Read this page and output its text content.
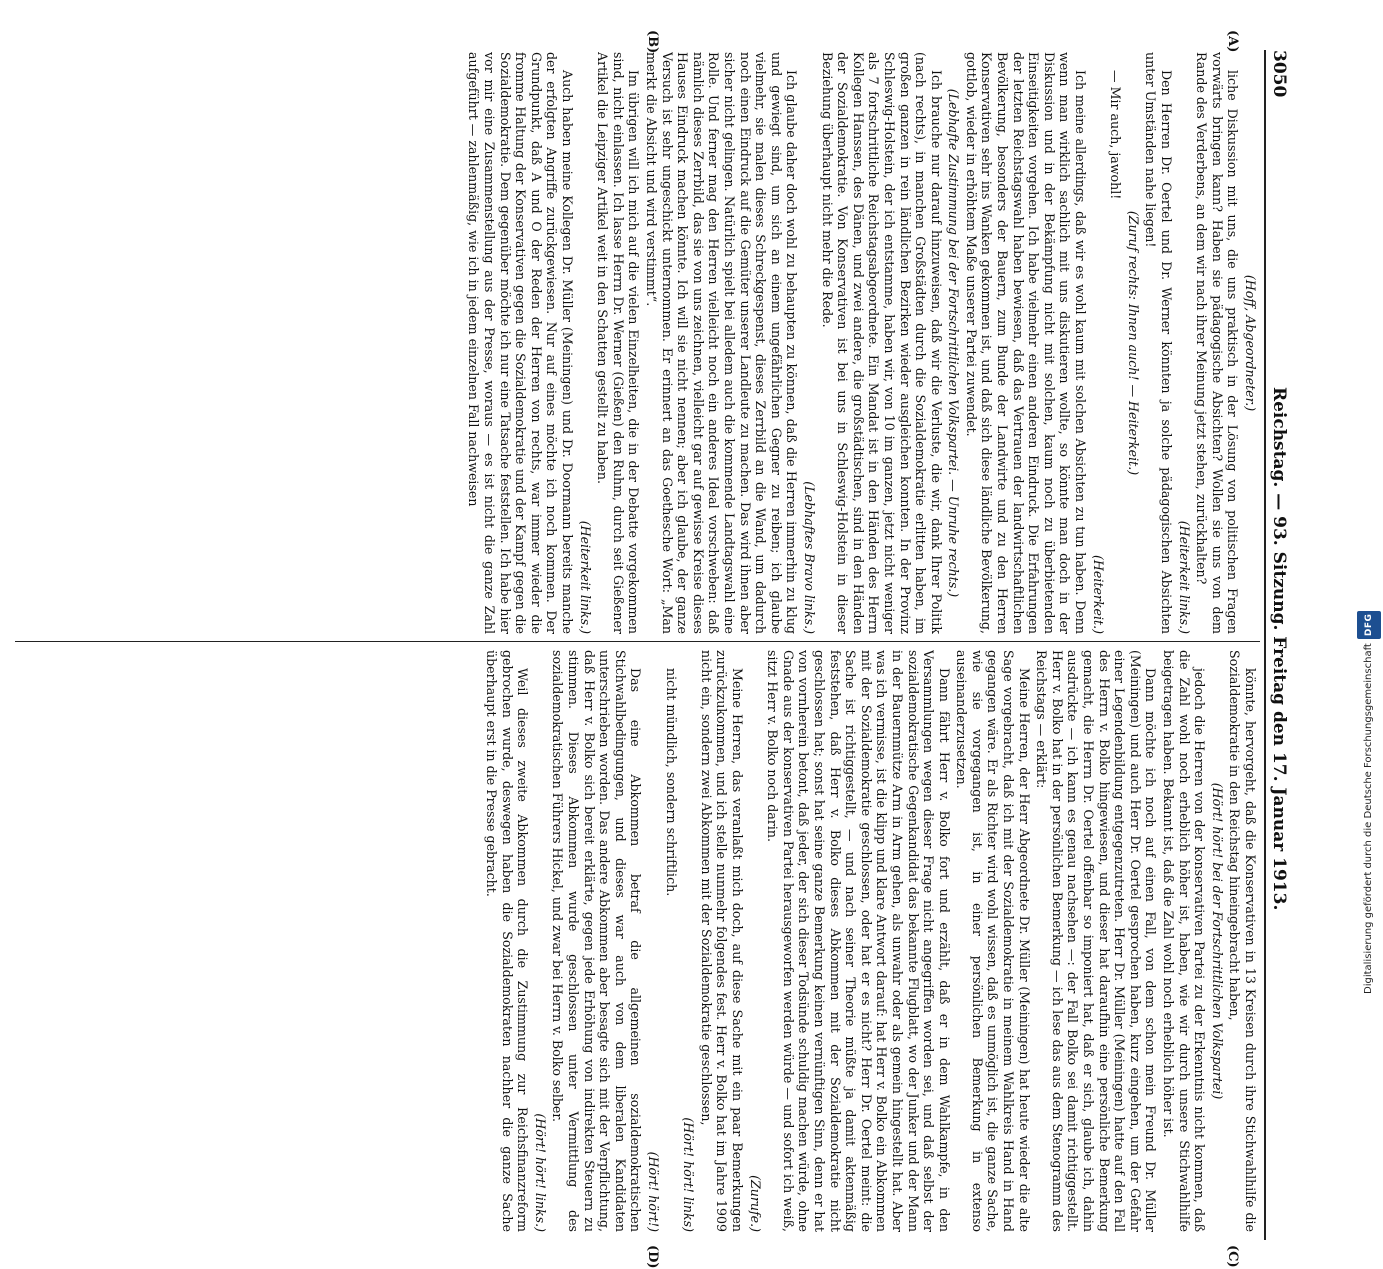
3050
Reichstag. — 93. Sitzung. Freitag den 17. Januar 1913.
(A)
(B)
(C)
(D)

(Hoff, Abgeordneter.)

liche Diskussion mit uns, die uns praktisch in der Lösung von politischen Fragen vorwärts bringen kann? Haben sie pädagogische Absichten? Wollen sie uns von dem Rande des Verderbens, an dem wir nach ihrer Meinung jetzt stehen, zurückhalten?

(Heiterkeit links.)

Den Herren Dr. Oertel und Dr. Werner könnten ja solche pädagogischen Absichten unter Umständen nahe liegen!

(Zuruf rechts: Ihnen auch! — Heiterkeit.)

— Mir auch, jawohl!

(Heiterkeit.)

Ich meine allerdings, daß wir es wohl kaum mit solchen Absichten zu tun haben. Denn wenn man wirklich sachlich mit uns diskutieren wollte, so könnte man doch in der Diskussion und in der Bekämpfung nicht mit solchen, kaum noch zu überbietenden Einseitigkeiten vorgehen. Ich habe vielmehr einen anderen Eindruck. Die Erfahrungen der letzten Reichstagswahl haben bewiesen, daß das Vertrauen der landwirtschaftlichen Bevölkerung, besonders der Bauern, zum Bunde der Landwirte und zu den Herren Konservativen sehr ins Wanken gekommen ist, und daß sich diese ländliche Bevölkerung, gottlob, wieder in erhöhtem Maße unserer Partei zuwendet.

(Lebhafte Zustimmung bei der Fortschrittlichen Volkspartei. — Unruhe rechts.)

Ich brauche nur darauf hinzuweisen, daß wir die Verluste, die wir, dank Ihrer Politik (nach rechts), in manchen Großstädten durch die Sozialdemokratie erlitten haben, im großen ganzen in rein ländlichen Bezirken wieder ausgleichen konnten. In der Provinz Schleswig-Holstein, der ich entstamme, haben wir, von 10 im ganzen, jetzt nicht weniger als 7 fortschrittliche Reichstagsabgeordnete. Ein Mandat ist in den Händen des Herrn Kollegen Hanssen, des Dänen, und zwei andere, die großstädtischen, sind in den Händen der Sozialdemokratie. Von Konservativen ist bei uns in Schleswig-Holstein in dieser Beziehung überhaupt nicht mehr die Rede.

(Lebhaftes Bravo links.)

Ich glaube daher doch wohl zu behaupten zu können, daß die Herren immerhin zu klug und gewiegt sind, um sich an einem ungefährlichen Gegner zu reiben; ich glaube vielmehr, sie malen dieses Schreckgespenst, dieses Zerrbild an die Wand, um dadurch noch einen Eindruck auf die Gemüter unserer Landleute zu machen. Das wird ihnen aber sicher nicht gelingen. Natürlich spielt bei alledem auch die kommende Landtagswahl eine Rolle. Und ferner mag den Herren vielleicht noch ein anderes Ideal vorschweben: daß nämlich dieses Zerrbild, das sie von uns zeichnen, vielleicht gar auf gewisse Kreise dieses Hauses Eindruck machen könnte. Ich will sie nicht nennen; aber ich glaube, der ganze Versuch ist sehr ungeschickt unternommen. Er erinnert an das Goethesche Wort: „Man merkt die Absicht und wird verstimmt“.

Im übrigen will ich mich auf die vielen Einzelheiten, die in der Debatte vorgekommen sind, nicht einlassen. Ich lasse Herrn Dr. Werner (Gießen) den Ruhm, durch seit Gießener Artikel die Leipziger Artikel weit in den Schatten gestellt zu haben.

(Heiterkeit links.)

Auch haben meine Kollegen Dr. Müller (Meiningen) und Dr. Doormann bereits manche der erfolgten Angriffe zurückgewiesen. Nur auf eines möchte ich noch kommen. Der Grundpunkt, daß A und O der Reden der Herren von rechts, war immer wieder die fromme Haltung der Konservativen gegen die Sozialdemokratie und der Kampf gegen die Sozialdemokratie. Dem gegenüber möchte ich nur eine Tatsache feststellen. Ich habe hier vor mir eine Zusammenstellung aus der Presse, woraus — es ist nicht die ganze Zahl aufgeführt — zahlenmäßig, wie ich in jedem einzelnen Fall nachweisen

könnte, hervorgeht, daß die Konservativen in 13 Kreisen durch ihre Stichwahlhilfe die Sozialdemokratie in den Reichstag hineingebracht haben,

(Hört! hört! bei der Fortschrittlichen Volkspartei)

jedoch die Herren von der konservativen Partei zu der Erkenntnis nicht kommen, daß die Zahl wohl noch erheblich höher ist, haben, wie wir durch unsere Stichwahlhilfe beigetragen haben. Bekannt ist, daß die Zahl wohl noch erheblich höher ist.

Dann möchte ich noch auf einen Fall, von dem schon mein Freund Dr. Müller (Meiningen) und auch Herr Dr. Oertel gesprochen haben, kurz eingehen, um der Gefahr einer Legendenbildung entgegenzutreten. Herr Dr. Müller (Meiningen) hatte auf den Fall des Herrn v. Bolko hingewiesen, und dieser hat daraufhin eine persönliche Bemerkung gemacht, die Herrn Dr. Oertel offenbar so imponiert hat, daß er sich, glaube ich, dahin ausdrückte — ich kann es genau nachsehen —: der Fall Bolko sei damit richtiggestellt. Herr v. Bolko hat in der persönlichen Bemerkung — ich lese das aus dem Stenogramm des Reichstags — erklärt:

Meine Herren, der Herr Abgeordnete Dr. Müller (Meiningen) hat heute wieder die alte Sage vorgebracht, daß ich mit der Sozialdemokratie in meinem Wahlkreis Hand in Hand gegangen wäre. Er als Richter wird wohl wissen, daß es unmöglich ist, die ganze Sache, wie sie vorgegangen ist, in einer persönlichen Bemerkung in extenso auseinanderzusetzen.

Dann fährt Herr v. Bolko fort und erzählt, daß er in dem Wahlkampfe, in den Versammlungen wegen dieser Frage nicht angegriffen worden sei, und daß selbst der sozialdemokratische Gegenkandidat das bekannte Flugblatt, wo der Junker und der Mann in der Bauernmütze Arm in Arm gehen, als unwahr oder als gemein hingestellt hat. Aber was ich vermisse, ist die klipp und klare Antwort darauf: hat Herr v. Bolko ein Abkommen mit der Sozialdemokratie geschlossen, oder hat er es nicht? Herr Dr. Oertel meint: die Sache ist richtiggestellt, — und nach seiner Theorie müßte ja damit aktenmäßig feststehen, daß Herr v. Bolko dieses Abkommen mit der Sozialdemokratie nicht geschlossen hat; sonst hat seine ganze Bemerkung keinen vernünftigen Sinn, denn er hat von vornherein betont, daß jeder, der sich dieser Todsünde schuldig machen würde, ohne Gnade aus der konservativen Partei herausgeworfen werden würde — und sofort ich weiß, sitzt Herr v. Bolko noch darin.

(Zurufe.)

Meine Herren, das veranlaßt mich doch, auf diese Sache mit ein paar Bemerkungen zurückzukommen, und ich stelle nunmehr folgendes fest. Herr v. Bolko hat im Jahre 1909 nicht ein, sondern zwei Abkommen mit der Sozialdemokratie geschlossen,

(Hört! hört! links)

nicht mündlich, sondern schriftlich.

(Hört! hört!)

Das eine Abkommen betraf die allgemeinen sozialdemokratischen Stichwahlbedingungen, und dieses war auch von dem liberalen Kandidaten unterschrieben worden. Das andere Abkommen aber besagte sich mit der Verpflichtung, daß Herr v. Bolko sich bereit erklärte, gegen jede Erhöhung von indirekten Steuern zu stimmen. Dieses Abkommen wurde geschlossen unter Vermittlung des sozialdemokratischen Führers Hickel, und zwar bei Herrn v. Bolko selber.

(Hört! hört! links.)

Weil dieses zweite Abkommen durch die Zustimmung zur Reichsfinanzreform gebrochen wurde, deswegen haben die Sozialdemokraten nachher die ganze Sache überhaupt erst in die Presse gebracht.	Digitalisierung gefördert durch die Deutsche Forschungsgemeinschaft
DFG
